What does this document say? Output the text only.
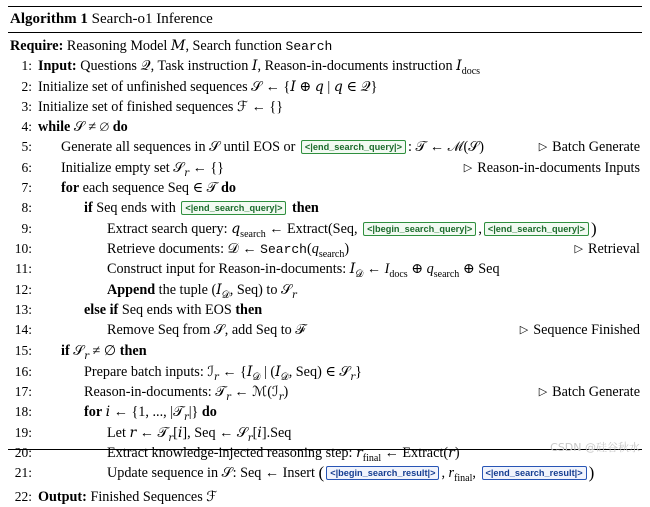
Algorithm 1 Search-o1 Inference
Require: Reasoning Model M, Search function Search
1: Input: Questions 𝒬, Task instruction 𝐼, Reason-in-documents instruction 𝐼$_{docs}$
2: Initialize set of unfinished sequences 𝒮 ← {𝐼 ⊕ 𝑞 | 𝑞 ∈ 𝒬}
3: Initialize set of finished sequences ℱ ← {}
4: while 𝒮 ≠ ∅ do
5: Generate all sequences in 𝒮 until EOS or <|end_search_query|> : 𝒯 ← ℳ(𝒮)	▷ Batch Generate
6: Initialize empty set 𝒮$_𝑟$ ← {}	▷ Reason-in-documents Inputs
7: for each sequence Seq ∈ 𝒯 do
8:	if Seq ends with <|end_search_query|> then
9:	Extract search query: 𝑞$_{search}$ ← Extract(Seq, <|begin_search_query|> , <|end_search_query|> )
10:	Retrieve documents: 𝒟 ← $Search(q_{search})$	▷ Retrieval
11:	Construct input for Reason-in-documents: 𝐼$_𝒟$ ← $I_{docs}$ ⊕ $q_{search}$ ⊕ Seq
12:	Append the tuple (𝐼$_𝒟$, Seq) to 𝒮$_𝑟$
13:	else if Seq ends with EOS then
14:	Remove Seq from 𝒮, add Seq to ℱ	▷ Sequence Finished
15: if 𝒮$_𝑟$ ≠ ∅ then
16:	Prepare batch inputs: ℐ$_𝑟$ ← {𝐼$_𝒟$ | (𝐼$_𝒟$, Seq) ∈ 𝒮$_𝑟$}
17:	Reason-in-documents: 𝒯$_𝑟$ ← ℳ(ℐ$_𝑟$)	▷ Batch Generate
18:	for 𝑖 ← {1, ..., |𝒯$_𝑟$|} do
19:	Let 𝑟 ← 𝒯$_𝑟$[𝑖], Seq ← 𝒮$_𝑟$[𝑖].Seq
20:	Extract knowledge-injected reasoning step: 𝑟$_{final}$ ← Extract(𝑟)
21:	Update sequence in 𝒮: Seq ← Insert ( <|begin_search_result|> , $r_{final}$, <|end_search_result|> )
22: Output: Finished Sequences ℱ
CSDN @硅谷秋水
